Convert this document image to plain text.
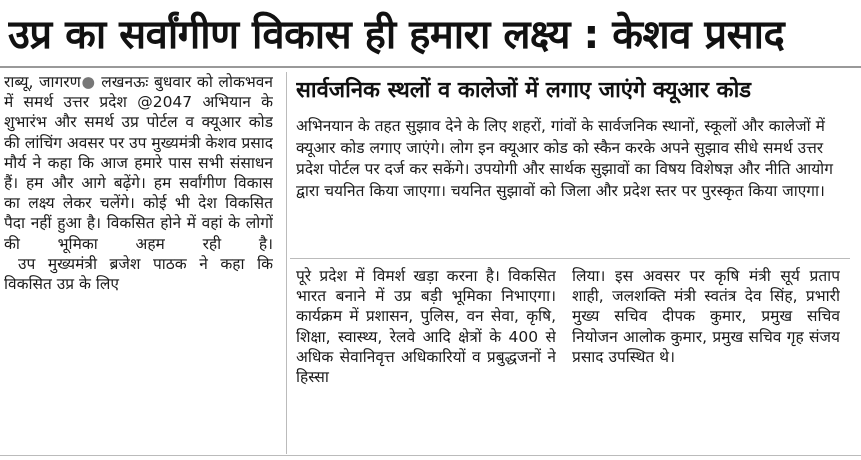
उप्र का सर्वांगीण विकास ही हमारा लक्ष्य : केशव प्रसाद

राब्यू, जागरण● लखनऊः बुधवार को लोकभवन में समर्थ उत्तर प्रदेश @2047 अभियान के शुभारंभ और समर्थ उप्र पोर्टल व क्यूआर कोड की लांचिंग अवसर पर उप मुख्यमंत्री केशव प्रसाद मौर्य ने कहा कि आज हमारे पास सभी संसाधन हैं। हम और आगे बढ़ेंगे। हम सर्वांगीण विकास का लक्ष्य लेकर चलेंगे। कोई भी देश विकसित पैदा नहीं हुआ है। विकसित होने में वहां के लोगों की भूमिका अहम रही है।

उप मुख्यमंत्री ब्रजेश पाठक ने कहा कि विकसित उप्र के लिए

सार्वजनिक स्थलों व कालेजों में लगाए जाएंगे क्यूआर कोड
अभिनयान के तहत सुझाव देने के लिए शहरों, गांवों के सार्वजनिक स्थानों, स्कूलों और कालेजों में क्यूआर कोड लगाए जाएंगे। लोग इन क्यूआर कोड को स्कैन करके अपने सुझाव सीधे समर्थ उत्तर प्रदेश पोर्टल पर दर्ज कर सकेंगे। उपयोगी और सार्थक सुझावों का विषय विशेषज्ञ और नीति आयोग द्वारा चयनित किया जाएगा। चयनित सुझावों को जिला और प्रदेश स्तर पर पुरस्कृत किया जाएगा।

पूरे प्रदेश में विमर्श खड़ा करना है। विकसित भारत बनाने में उप्र बड़ी भूमिका निभाएगा। कार्यक्रम में प्रशासन, पुलिस, वन सेवा, कृषि, शिक्षा, स्वास्थ्य, रेलवे आदि क्षेत्रों के 400 से अधिक सेवानिवृत्त अधिकारियों व प्रबुद्धजनों ने हिस्सा

लिया। इस अवसर पर कृषि मंत्री सूर्य प्रताप शाही, जलशक्ति मंत्री स्वतंत्र देव सिंह, प्रभारी मुख्य सचिव दीपक कुमार, प्रमुख सचिव नियोजन आलोक कुमार, प्रमुख सचिव गृह संजय प्रसाद उपस्थित थे।
